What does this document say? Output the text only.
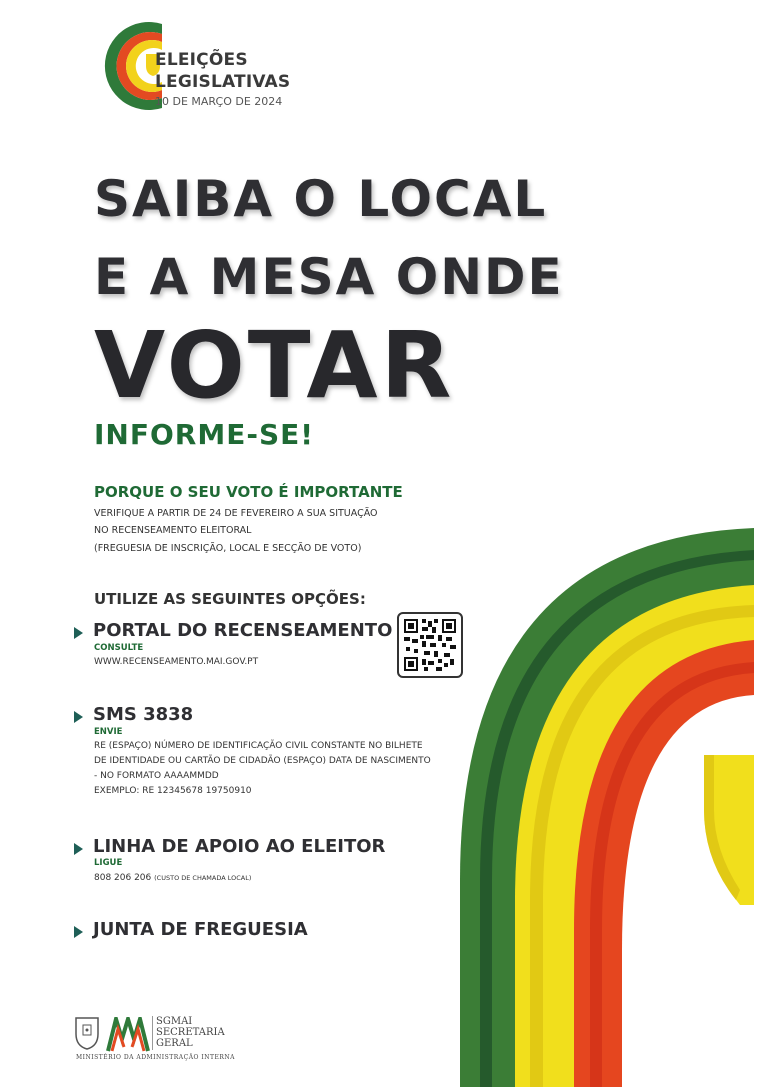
ELEIÇÕES
LEGISLATIVAS
10 DE MARÇO DE 2024
SAIBA O LOCAL
E A MESA ONDE
VOTAR
INFORME-SE!
PORQUE O SEU VOTO É IMPORTANTE
VERIFIQUE A PARTIR DE 24 DE FEVEREIRO A SUA SITUAÇÃO
NO RECENSEAMENTO ELEITORAL
(FREGUESIA DE INSCRIÇÃO, LOCAL E SECÇÃO DE VOTO)
UTILIZE AS SEGUINTES OPÇÕES:
PORTAL DO RECENSEAMENTO
CONSULTE
WWW.RECENSEAMENTO.MAI.GOV.PT
SMS 3838
ENVIE
RE (ESPAÇO) NÚMERO DE IDENTIFICAÇÃO CIVIL CONSTANTE NO BILHETE
DE IDENTIDADE OU CARTÃO DE CIDADÃO (ESPAÇO) DATA DE NASCIMENTO
- NO FORMATO AAAAMMDD
EXEMPLO: RE 12345678 19750910
LINHA DE APOIO AO ELEITOR
LIGUE
808 206 206 (CUSTO DE CHAMADA LOCAL)
JUNTA DE FREGUESIA
SGMAI
SECRETARIA
GERAL
MINISTÉRIO DA ADMINISTRAÇÃO INTERNA
